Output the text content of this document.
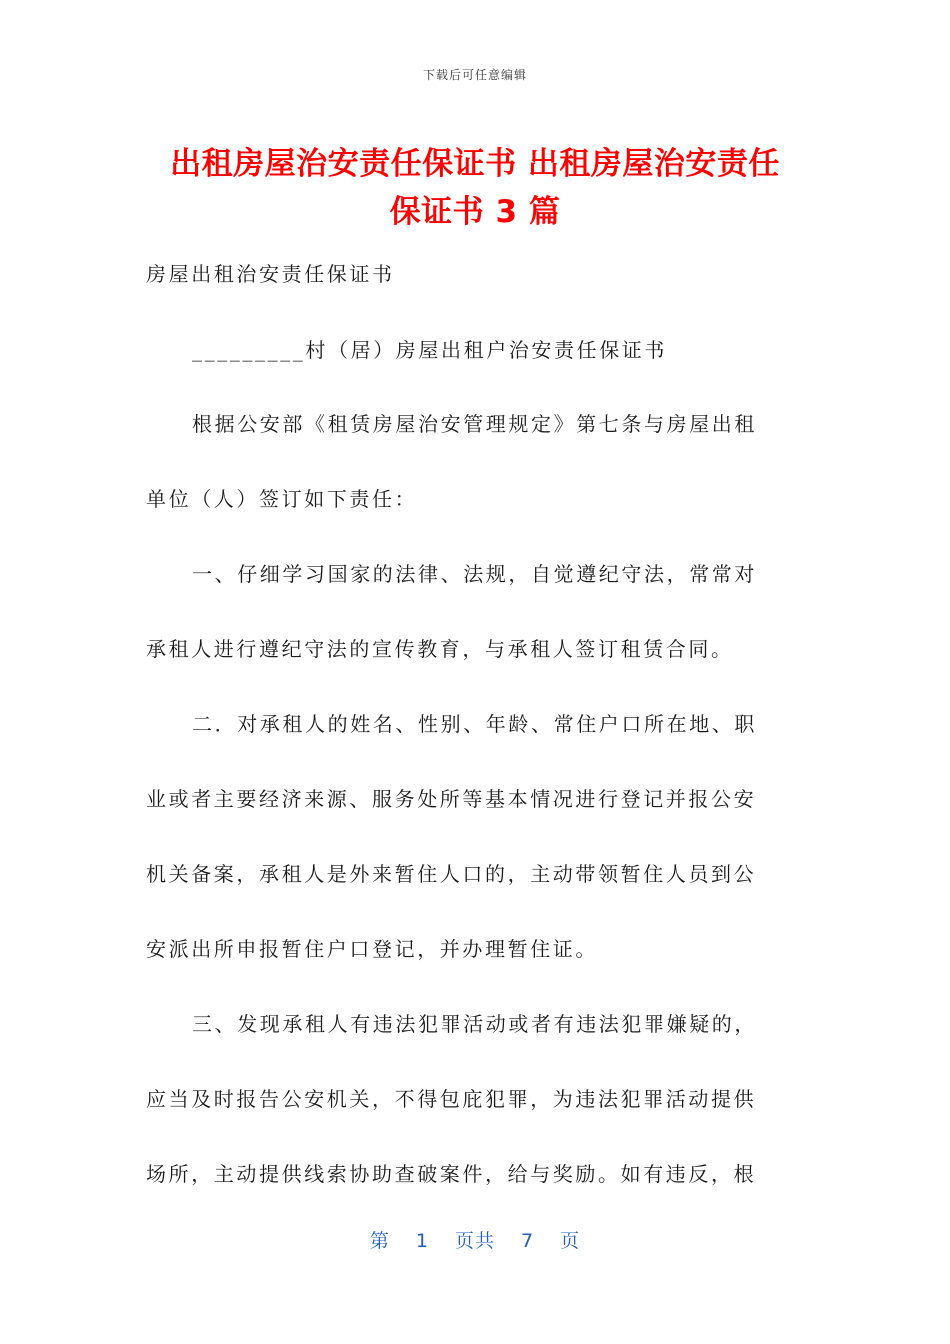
下载后可任意编辑
出租房屋治安责任保证书 出租房屋治安责任
保证书 3 篇
房屋出租治安责任保证书
_________村（居）房屋出租户治安责任保证书
根据公安部《租赁房屋治安管理规定》第七条与房屋出租
单位（人）签订如下责任：
一、仔细学习国家的法律、法规，自觉遵纪守法，常常对
承租人进行遵纪守法的宣传教育，与承租人签订租赁合同。
二．对承租人的姓名、性别、年龄、常住户口所在地、职
业或者主要经济来源、服务处所等基本情况进行登记并报公安
机关备案，承租人是外来暂住人口的，主动带领暂住人员到公
安派出所申报暂住户口登记，并办理暂住证。
三、发现承租人有违法犯罪活动或者有违法犯罪嫌疑的，
应当及时报告公安机关，不得包庇犯罪，为违法犯罪活动提供
场所，主动提供线索协助查破案件，给与奖励。如有违反，根
第 1 页共 7 页
